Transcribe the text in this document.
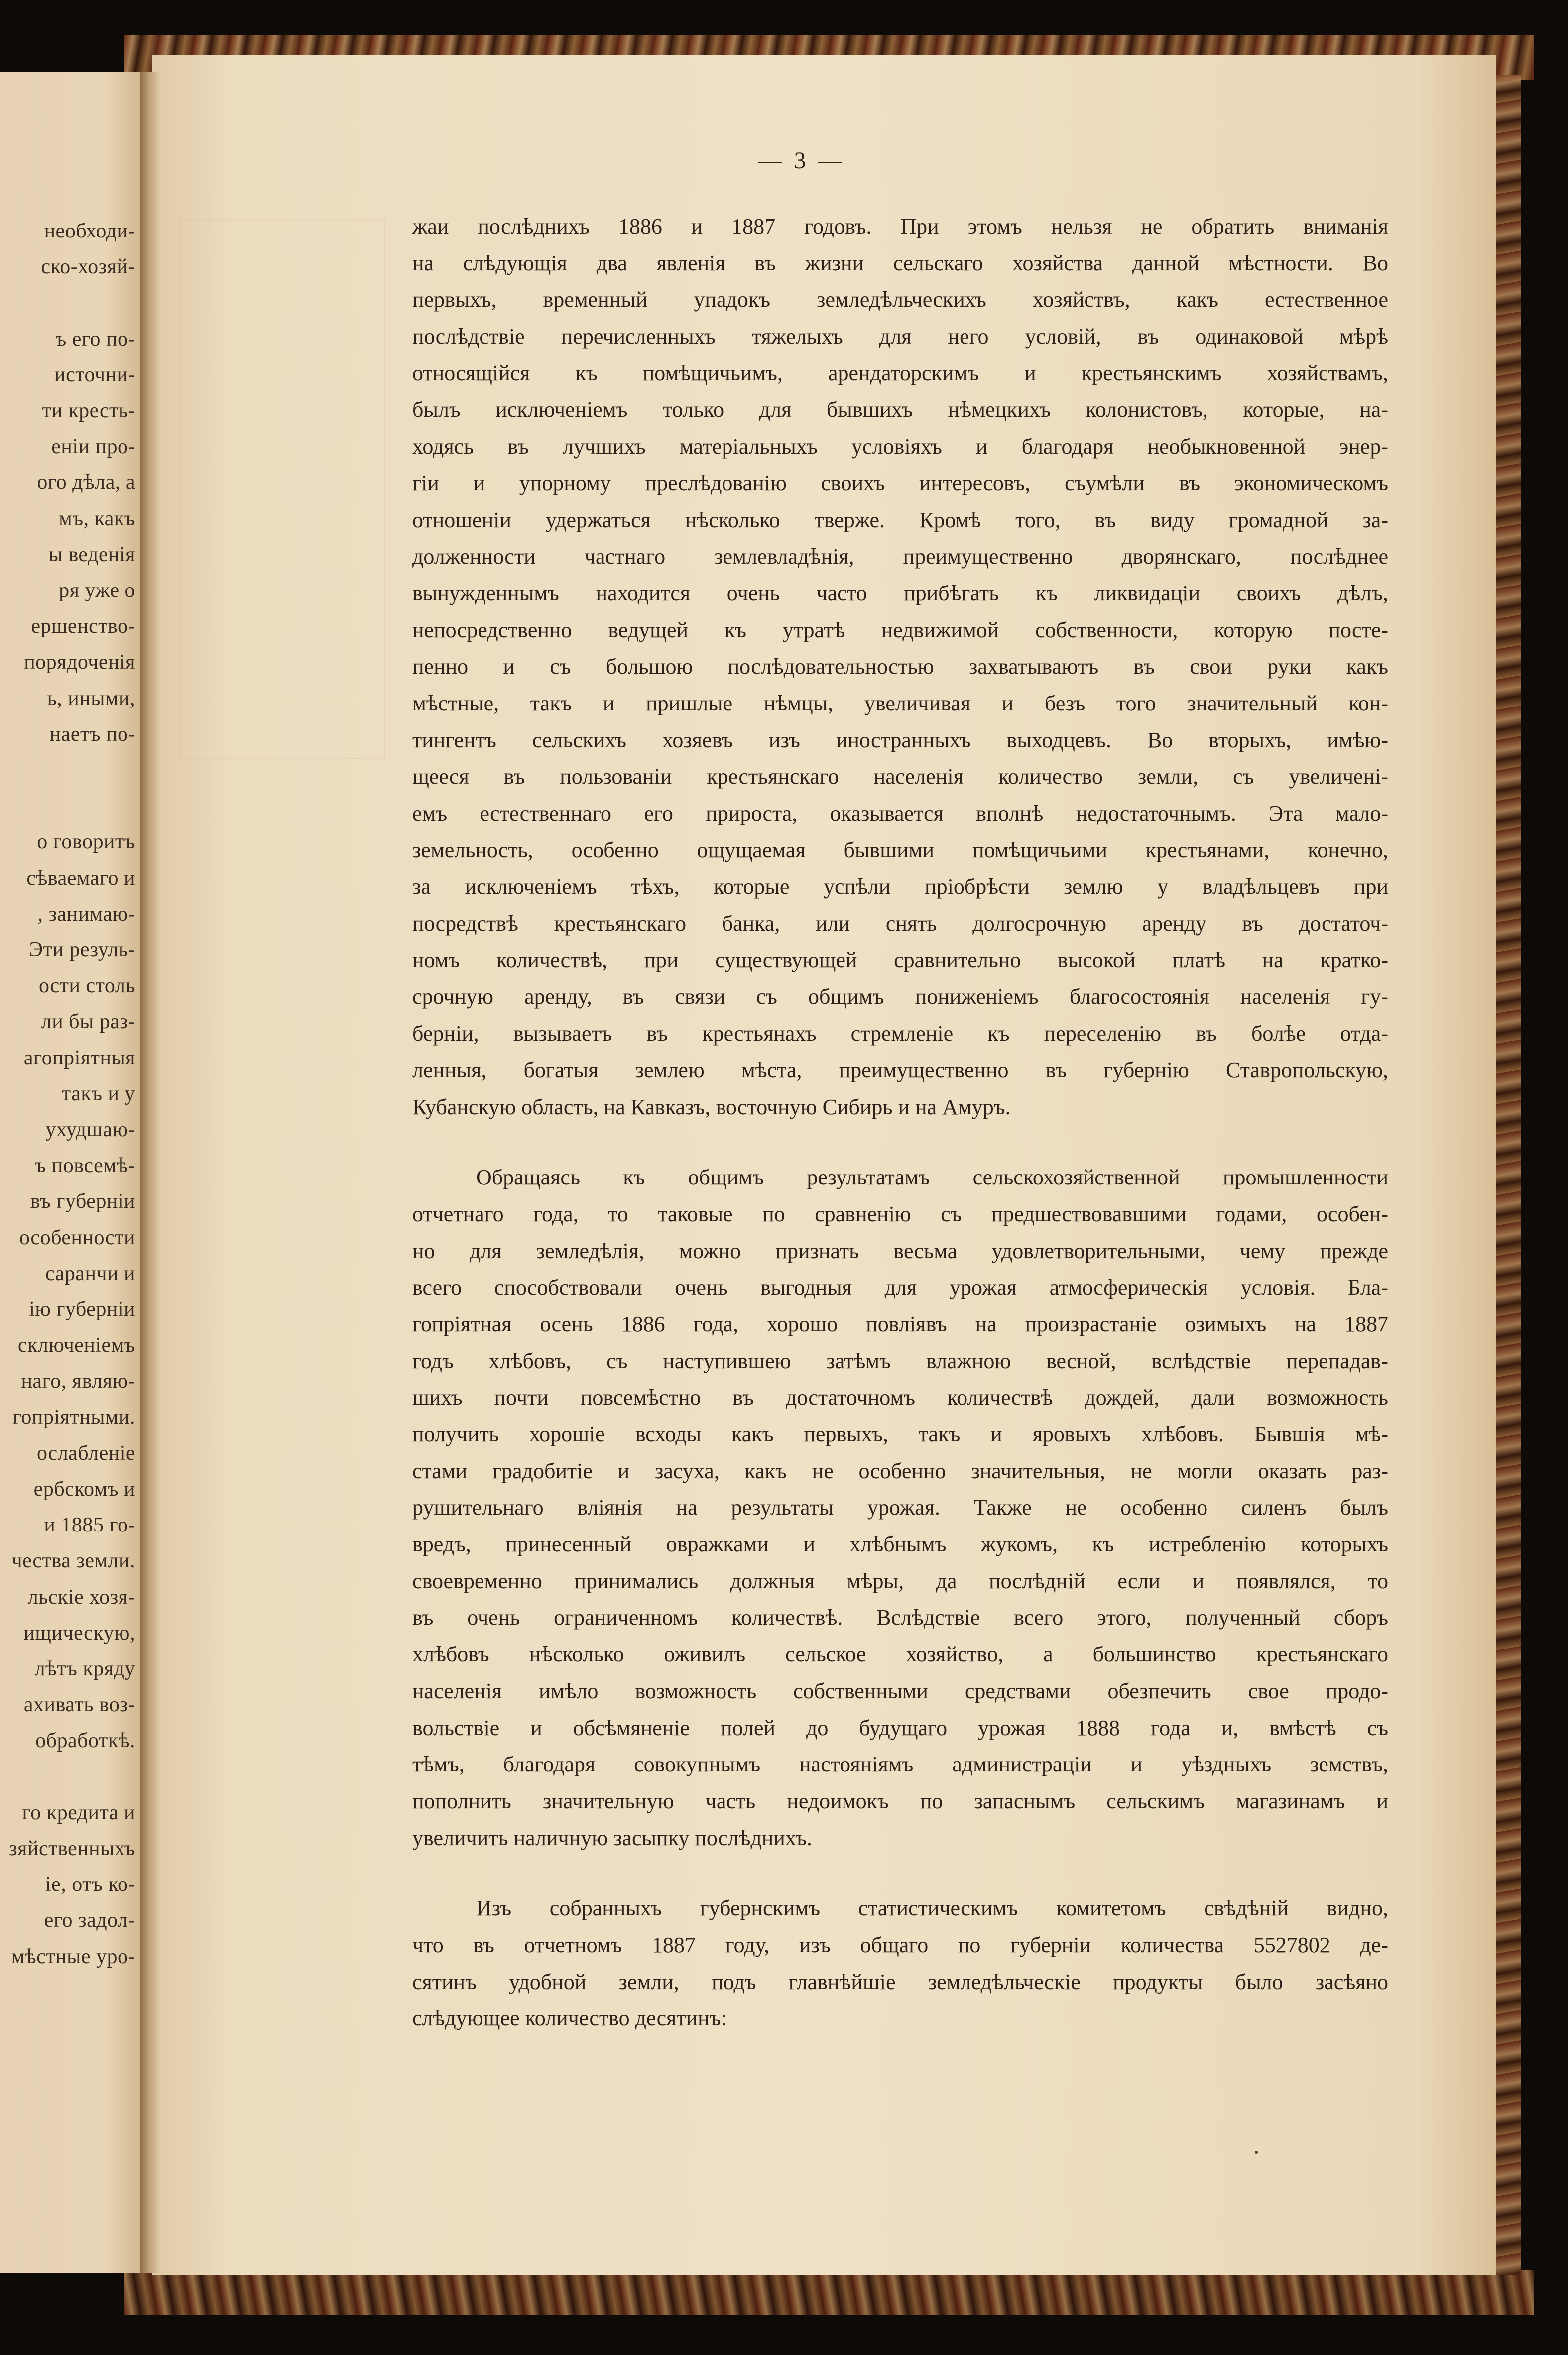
необходи-
ско-хозяй-
ъ его по-
источни-
ти кресть-
еніи про-
ого дѣла, а
мъ, какъ
ы веденія
ря уже о
ершенство-
порядоченія
ь, иными,
наетъ по-
о говоритъ
сѣваемаго и
, занимаю-
Эти резуль-
ости столь
ли бы раз-
агопріятныя
такъ и у
ухудшаю-
ъ повсемѣ-
въ губерніи
особенности
саранчи и
ію губерніи
сключеніемъ
наго, являю-
гопріятными.
ослабленіе
ербскомъ и
и 1885 го-
чества земли.
льскіе хозя-
ищическую,
лѣтъ кряду
ахивать воз-
обработкѣ.
го кредита и
зяйственныхъ
іе, отъ ко-
его задол-
мѣстные уро-
— 3 —
жаи послѣднихъ 1886 и 1887 годовъ. При этомъ нельзя не обратить вниманія
на слѣдующія два явленія въ жизни сельскаго хозяйства данной мѣстности. Во
первыхъ, временный упадокъ земледѣльческихъ хозяйствъ, какъ естественное
послѣдствіе перечисленныхъ тяжелыхъ для него условій, въ одинаковой мѣрѣ
относящійся къ помѣщичьимъ, арендаторскимъ и крестьянскимъ хозяйствамъ,
былъ исключеніемъ только для бывшихъ нѣмецкихъ колонистовъ, которые, на-
ходясь въ лучшихъ матеріальныхъ условіяхъ и благодаря необыкновенной энер-
гіи и упорному преслѣдованію своихъ интересовъ, съумѣли въ экономическомъ
отношеніи удержаться нѣсколько тверже. Кромѣ того, въ виду громадной за-
долженности частнаго землевладѣнія, преимущественно дворянскаго, послѣднее
вынужденнымъ находится очень часто прибѣгать къ ликвидаціи своихъ дѣлъ,
непосредственно ведущей къ утратѣ недвижимой собственности, которую посте-
пенно и съ большою послѣдовательностью захватываютъ въ свои руки какъ
мѣстные, такъ и пришлые нѣмцы, увеличивая и безъ того значительный кон-
тингентъ сельскихъ хозяевъ изъ иностранныхъ выходцевъ. Во вторыхъ, имѣю-
щееся въ пользованіи крестьянскаго населенія количество земли, съ увеличені-
емъ естественнаго его прироста, оказывается вполнѣ недостаточнымъ. Эта мало-
земельность, особенно ощущаемая бывшими помѣщичьими крестьянами, конечно,
за исключеніемъ тѣхъ, которые успѣли пріобрѣсти землю у владѣльцевъ при
посредствѣ крестьянскаго банка, или снять долгосрочную аренду въ достаточ-
номъ количествѣ, при существующей сравнительно высокой платѣ на кратко-
срочную аренду, въ связи съ общимъ пониженіемъ благосостоянія населенія гу-
берніи, вызываетъ въ крестьянахъ стремленіе къ переселенію въ болѣе отда-
ленныя, богатыя землею мѣста, преимущественно въ губернію Ставропольскую,
Кубанскую область, на Кавказъ, восточную Сибирь и на Амуръ.
Обращаясь къ общимъ результатамъ сельскохозяйственной промышленности
отчетнаго года, то таковые по сравненію съ предшествовавшими годами, особен-
но для земледѣлія, можно признать весьма удовлетворительными, чему прежде
всего способствовали очень выгодныя для урожая атмосферическія условія. Бла-
гопріятная осень 1886 года, хорошо повліявъ на произрастаніе озимыхъ на 1887
годъ хлѣбовъ, съ наступившею затѣмъ влажною весной, вслѣдствіе перепадав-
шихъ почти повсемѣстно въ достаточномъ количествѣ дождей, дали возможность
получить хорошіе всходы какъ первыхъ, такъ и яровыхъ хлѣбовъ. Бывшія мѣ-
стами градобитіе и засуха, какъ не особенно значительныя, не могли оказать раз-
рушительнаго вліянія на результаты урожая. Также не особенно силенъ былъ
вредъ, принесенный овражками и хлѣбнымъ жукомъ, къ истребленію которыхъ
своевременно принимались должныя мѣры, да послѣдній если и появлялся, то
въ очень ограниченномъ количествѣ. Вслѣдствіе всего этого, полученный сборъ
хлѣбовъ нѣсколько оживилъ сельское хозяйство, а большинство крестьянскаго
населенія имѣло возможность собственными средствами обезпечить свое продо-
вольствіе и обсѣмяненіе полей до будущаго урожая 1888 года и, вмѣстѣ съ
тѣмъ, благодаря совокупнымъ настояніямъ администраціи и уѣздныхъ земствъ,
пополнить значительную часть недоимокъ по запаснымъ сельскимъ магазинамъ и
увеличить наличную засыпку послѣднихъ.
Изъ собранныхъ губернскимъ статистическимъ комитетомъ свѣдѣній видно,
что въ отчетномъ 1887 году, изъ общаго по губерніи количества 5527802 де-
сятинъ удобной земли, подъ главнѣйшіе земледѣльческіе продукты было засѣяно
слѣдующее количество десятинъ:
